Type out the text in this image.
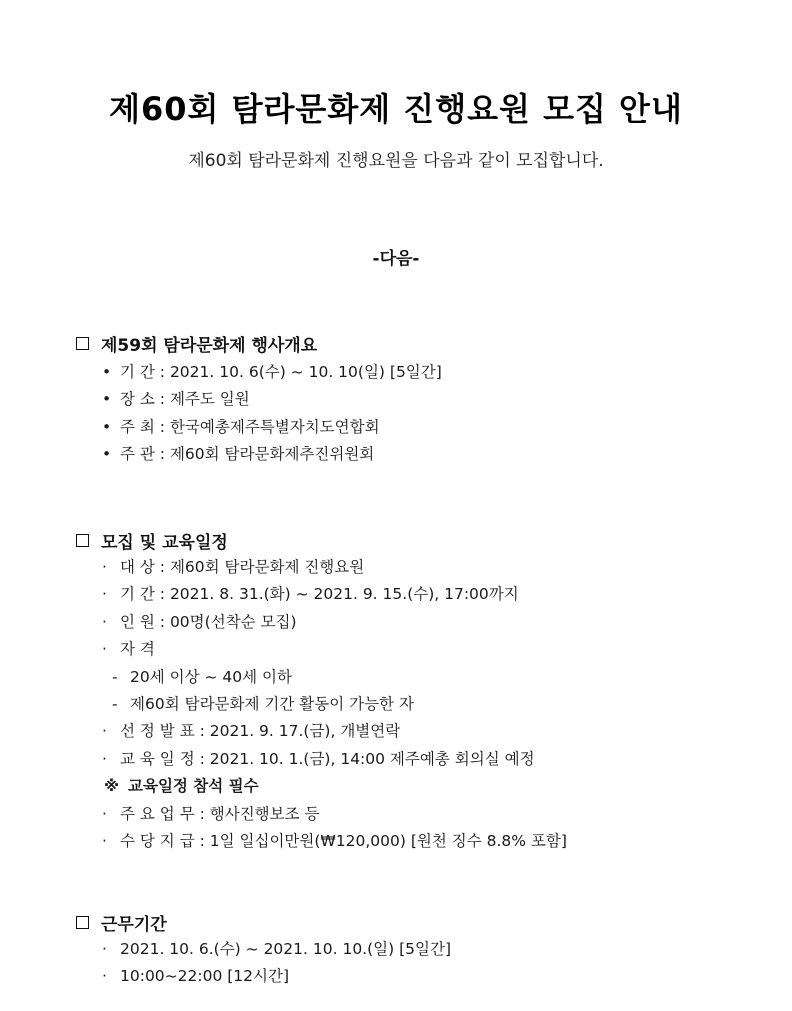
제60회 탐라문화제 진행요원 모집 안내
제60회 탐라문화제 진행요원을 다음과 같이 모집합니다.
-다음-
제59회 탐라문화제 행사개요
• 기 간 : 2021. 10. 6(수) ~ 10. 10(일) [5일간]
• 장 소 : 제주도 일원
• 주 최 : 한국예총제주특별자치도연합회
• 주 관 : 제60회 탐라문화제추진위원회
모집 및 교육일정
· 대 상 : 제60회 탐라문화제 진행요원
· 기 간 : 2021. 8. 31.(화) ~ 2021. 9. 15.(수), 17:00까지
· 인 원 : 00명(선착순 모집)
· 자 격
- 20세 이상 ~ 40세 이하
- 제60회 탐라문화제 기간 활동이 가능한 자
· 선 정 발 표 : 2021. 9. 17.(금), 개별연락
· 교 육 일 정 : 2021. 10. 1.(금), 14:00 제주예총 회의실 예정
※ 교육일정 참석 필수
· 주 요 업 무 : 행사진행보조 등
· 수 당 지 급 : 1일 일십이만원(₩120,000) [원천 징수 8.8% 포함]
근무기간
· 2021. 10. 6.(수) ~ 2021. 10. 10.(일) [5일간]
· 10:00~22:00 [12시간]
